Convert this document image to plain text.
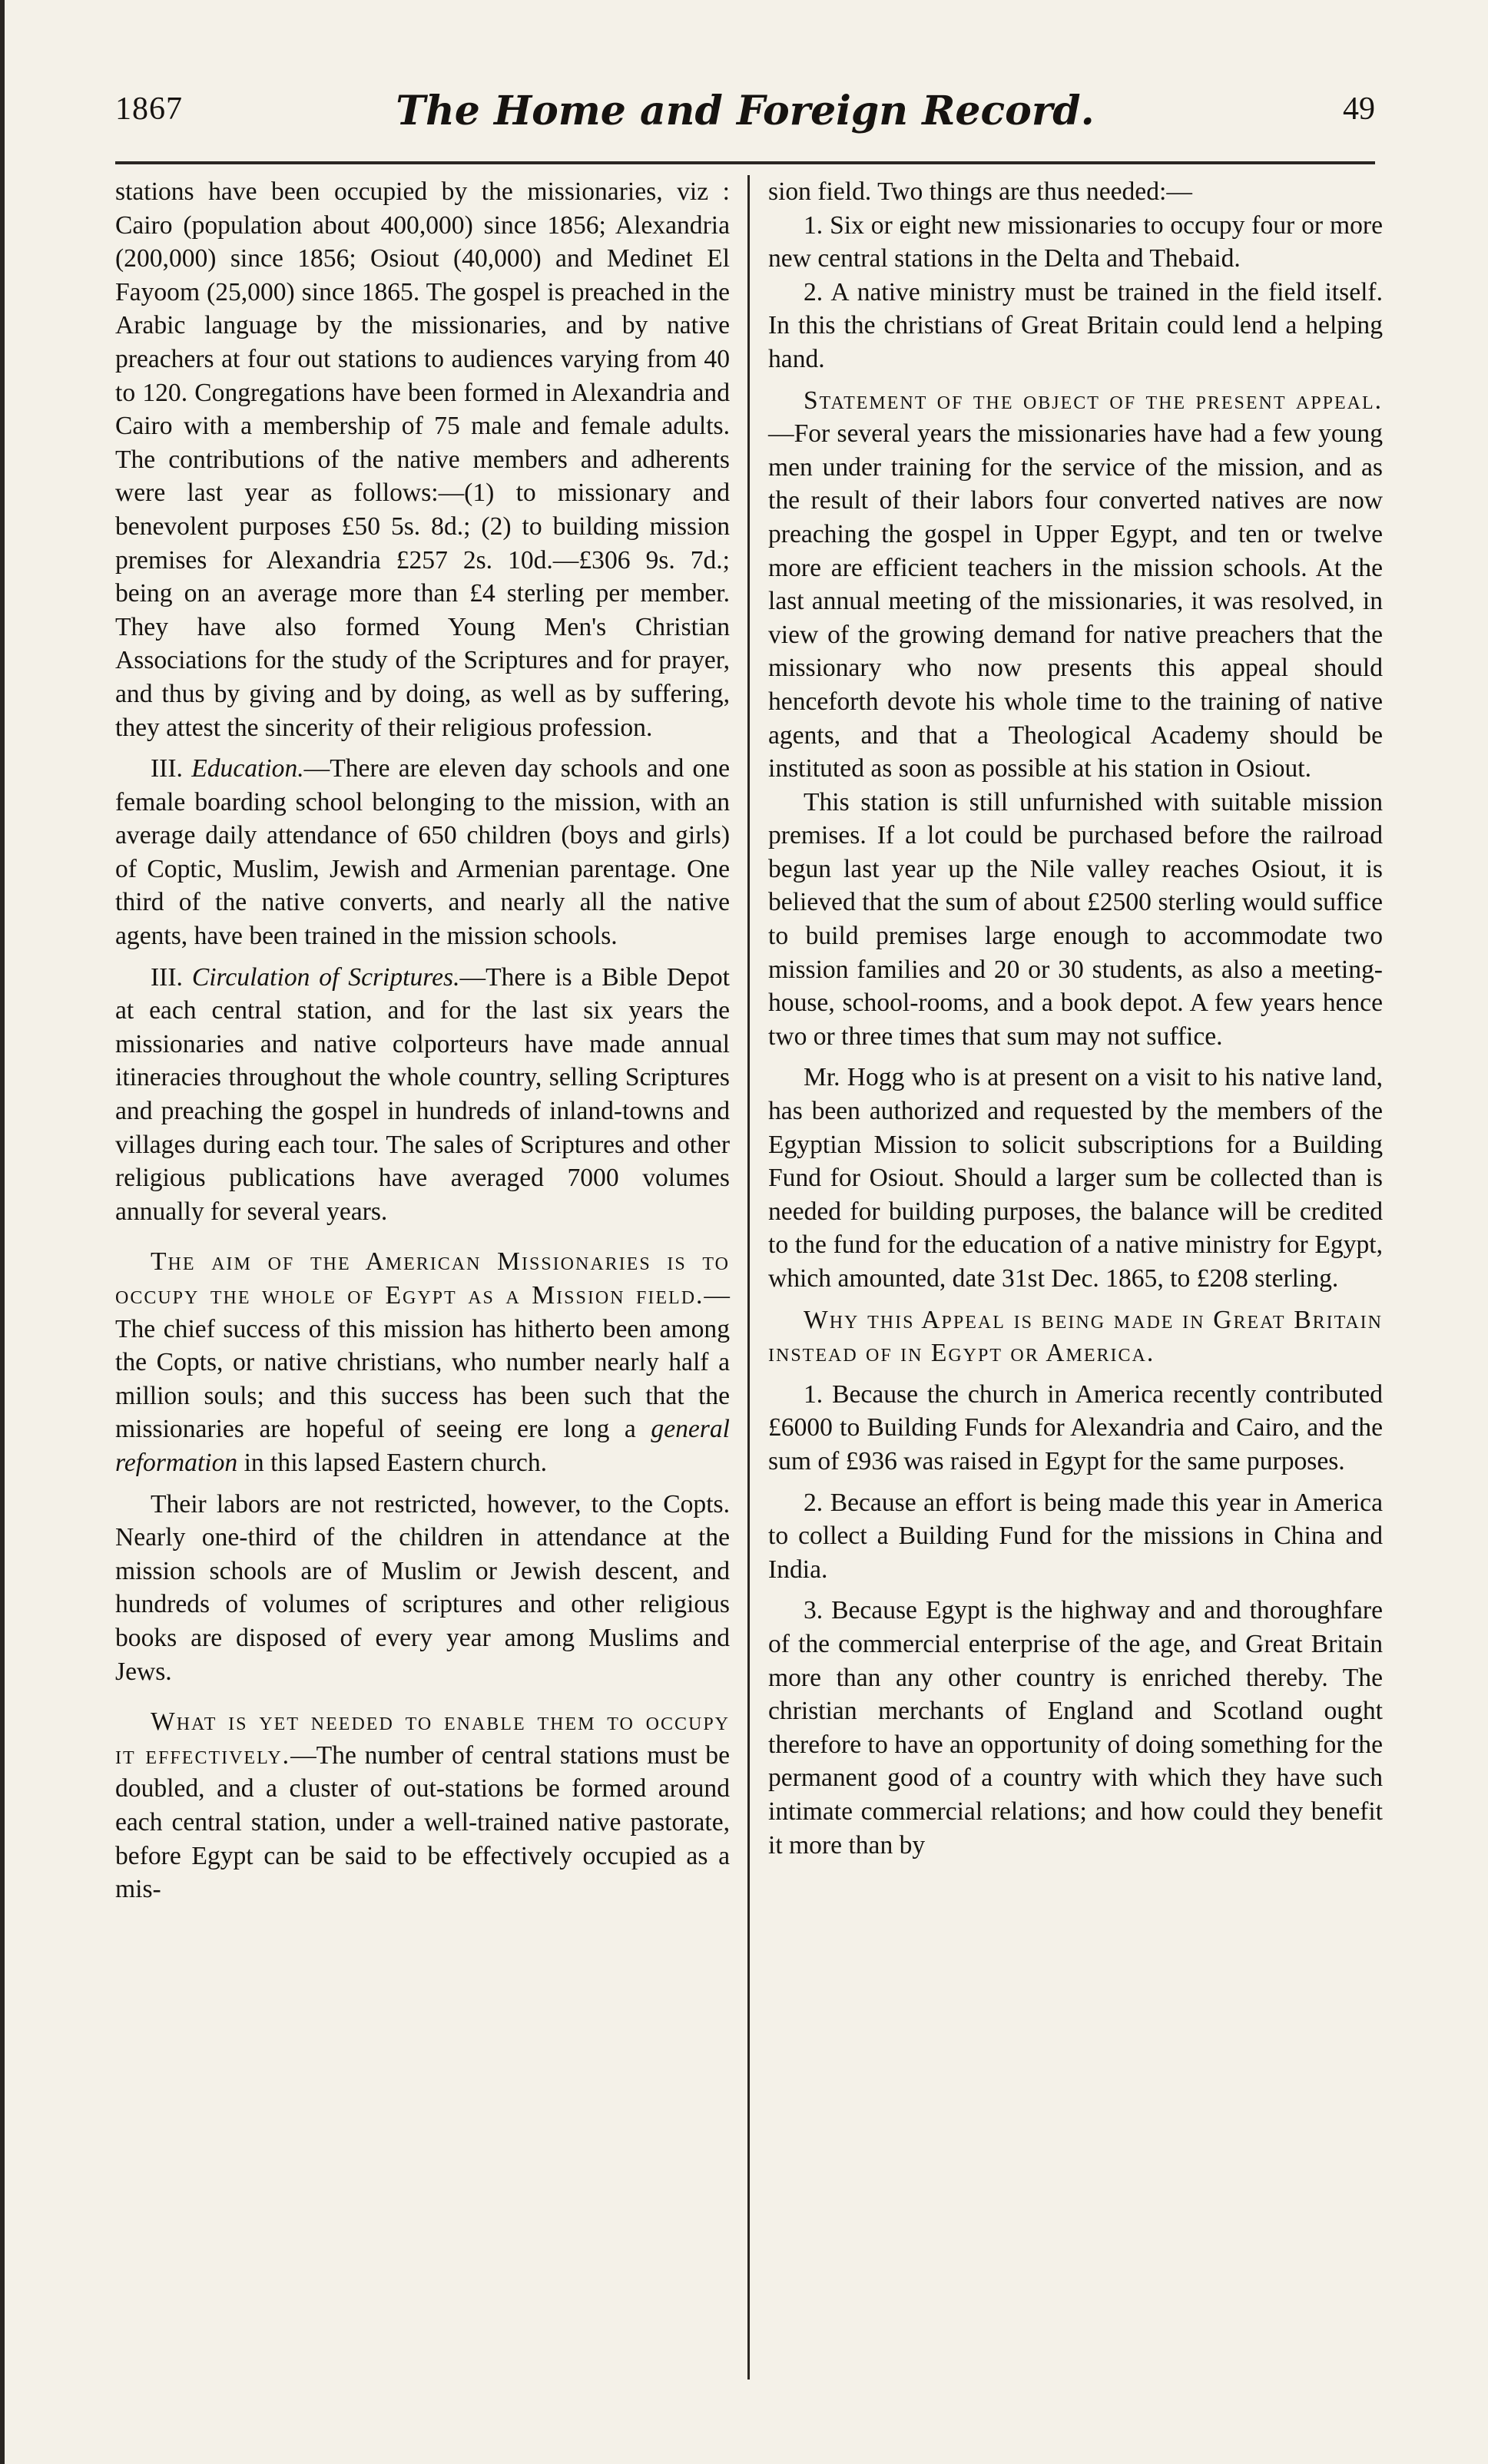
1867	The Home and Foreign Record.	49

stations have been occupied by the missionaries, viz : Cairo (population about 400,000) since 1856; Alexandria (200,000) since 1856; Osiout (40,000) and Medinet El Fayoom (25,000) since 1865. The gospel is preached in the Arabic language by the missionaries, and by native preachers at four out stations to audiences varying from 40 to 120. Congregations have been formed in Alexandria and Cairo with a membership of 75 male and female adults. The contributions of the native members and adherents were last year as follows:—(1) to missionary and benevolent purposes £50 5s. 8d.; (2) to building mission premises for Alexandria £257 2s. 10d.—£306 9s. 7d.; being on an average more than £4 sterling per member. They have also formed Young Men's Christian Associations for the study of the Scriptures and for prayer, and thus by giving and by doing, as well as by suffering, they attest the sincerity of their religious profession.

III. Education.—There are eleven day schools and one female boarding school belonging to the mission, with an average daily attendance of 650 children (boys and girls) of Coptic, Muslim, Jewish and Armenian parentage. One third of the native converts, and nearly all the native agents, have been trained in the mission schools.

III. Circulation of Scriptures.—There is a Bible Depot at each central station, and for the last six years the missionaries and native colporteurs have made annual itineracies throughout the whole country, selling Scriptures and preaching the gospel in hundreds of inland-towns and villages during each tour. The sales of Scriptures and other religious publications have averaged 7000 volumes annually for several years.

The aim of the American Missionaries is to occupy the whole of Egypt as a Mission field.—The chief success of this mission has hitherto been among the Copts, or native christians, who number nearly half a million souls; and this success has been such that the missionaries are hopeful of seeing ere long a general reformation in this lapsed Eastern church.

Their labors are not restricted, however, to the Copts. Nearly one-third of the children in attendance at the mission schools are of Muslim or Jewish descent, and hundreds of volumes of scriptures and other religious books are disposed of every year among Muslims and Jews.

What is yet needed to enable them to occupy it effectively.—The number of central stations must be doubled, and a cluster of out-stations be formed around each central station, under a well-trained native pastorate, before Egypt can be said to be effectively occupied as a mis-

sion field. Two things are thus needed:—

1. Six or eight new missionaries to occupy four or more new central stations in the Delta and Thebaid.

2. A native ministry must be trained in the field itself. In this the christians of Great Britain could lend a helping hand.

Statement of the object of the present appeal.—For several years the missionaries have had a few young men under training for the service of the mission, and as the result of their labors four converted natives are now preaching the gospel in Upper Egypt, and ten or twelve more are efficient teachers in the mission schools. At the last annual meeting of the missionaries, it was resolved, in view of the growing demand for native preachers that the missionary who now presents this appeal should henceforth devote his whole time to the training of native agents, and that a Theological Academy should be instituted as soon as possible at his station in Osiout.

This station is still unfurnished with suitable mission premises. If a lot could be purchased before the railroad begun last year up the Nile valley reaches Osiout, it is believed that the sum of about £2500 sterling would suffice to build premises large enough to accommodate two mission families and 20 or 30 students, as also a meeting-house, school-rooms, and a book depot. A few years hence two or three times that sum may not suffice.

Mr. Hogg who is at present on a visit to his native land, has been authorized and requested by the members of the Egyptian Mission to solicit subscriptions for a Building Fund for Osiout. Should a larger sum be collected than is needed for building purposes, the balance will be credited to the fund for the education of a native ministry for Egypt, which amounted, date 31st Dec. 1865, to £208 sterling.

Why this Appeal is being made in Great Britain instead of in Egypt or America.

1. Because the church in America recently contributed £6000 to Building Funds for Alexandria and Cairo, and the sum of £936 was raised in Egypt for the same purposes.

2. Because an effort is being made this year in America to collect a Building Fund for the missions in China and India.

3. Because Egypt is the highway and and thoroughfare of the commercial enterprise of the age, and Great Britain more than any other country is enriched thereby. The christian merchants of England and Scotland ought therefore to have an opportunity of doing something for the permanent good of a country with which they have such intimate commercial relations; and how could they benefit it more than by
